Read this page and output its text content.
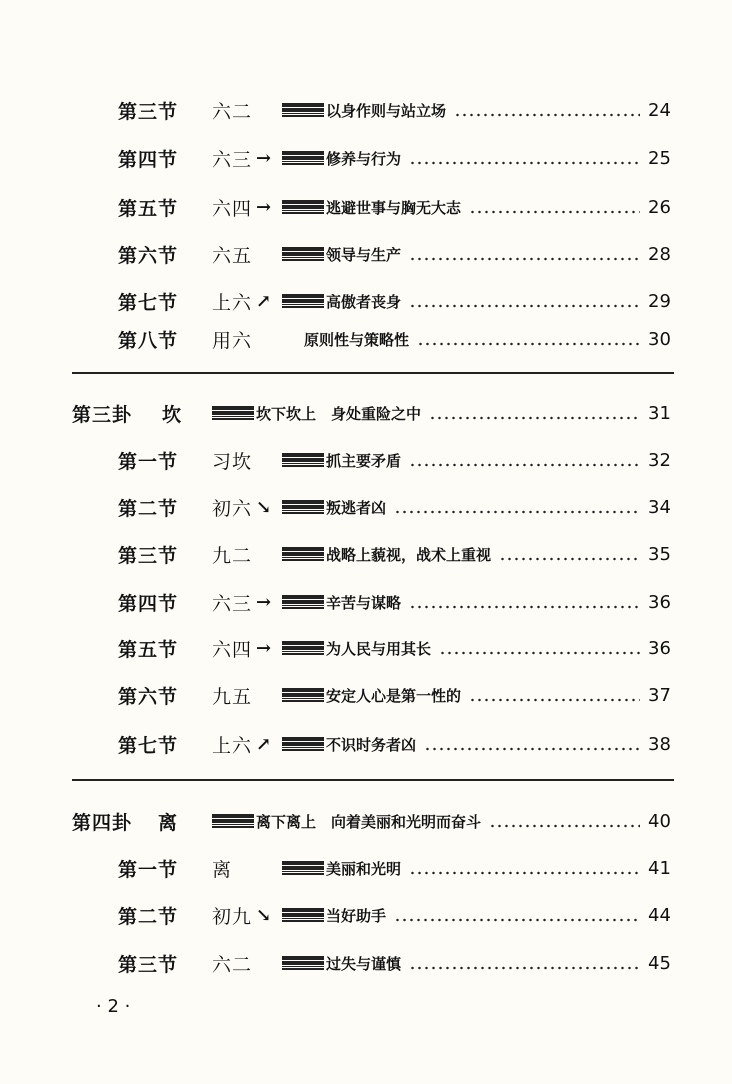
第三节 六二	以身作则与站立场	24
第四节 六三 →	修养与行为	25
第五节 六四 →	逃避世事与胸无大志	26
第六节 六五	领导与生产	28
第七节 上六 ↗	高傲者丧身	29
第八节 用六	原则性与策略性	30
第三卦 坎	坎下坎上　身处重险之中	31
第一节 习坎	抓主要矛盾	32
第二节 初六 ↘	叛逃者凶	34
第三节 九二	战略上藐视，战术上重视	35
第四节 六三 →	辛苦与谋略	36
第五节 六四 →	为人民与用其长	36
第六节 九五	安定人心是第一性的	37
第七节 上六 ↗	不识时务者凶	38
第四卦 离	离下离上　向着美丽和光明而奋斗	40
第一节 离	美丽和光明	41
第二节 初九 ↘	当好助手	44
第三节 六二	过失与谨慎	45
· 2 ·
